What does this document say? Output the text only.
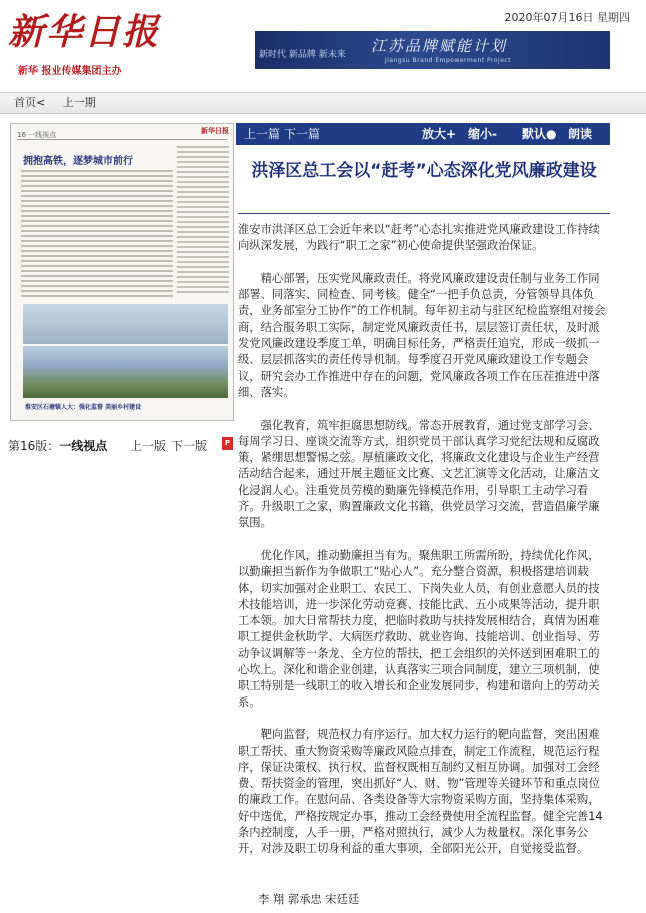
新华日报
新华 报业传媒集团主办
2020年07月16日 星期四
新时代 新品牌 新未来 江苏品牌赋能计划
Jiangsu Brand Empowerment Project
首页< 上一期
16 一线视点	新华日报
拥抱高铁，逐梦城市前行
淮安区石塘镇人大：强化监督 美丽乡村建设
第16版：一线视点 上一版 下一版	P
上一篇 下一篇	放大+ 缩小- 默认● 朗读
洪泽区总工会以“赶考”心态深化党风廉政建设

淮安市洪泽区总工会近年来以“赶考”心态扎实推进党风廉政建设工作持续向纵深发展，为践行“职工之家”初心使命提供坚强政治保证。

精心部署，压实党风廉政责任。将党风廉政建设责任制与业务工作同部署、同落实、同检查、同考核。健全“一把手负总责，分管领导具体负责，业务部室分工协作”的工作机制。每年初主动与驻区纪检监察组对接会商，结合服务职工实际，制定党风廉政责任书，层层签订责任状，及时派发党风廉政建设季度工单，明确目标任务，严格责任追究，形成一级抓一级、层层抓落实的责任传导机制。每季度召开党风廉政建设工作专题会议，研究会办工作推进中存在的问题，党风廉政各项工作在压茬推进中落细、落实。

强化教育，筑牢拒腐思想防线。常态开展教育，通过党支部学习会、每周学习日、座谈交流等方式，组织党员干部认真学习党纪法规和反腐政策，紧绷思想警惕之弦。厚植廉政文化，将廉政文化建设与企业生产经营活动结合起来，通过开展主题征文比赛、文艺汇演等文化活动，让廉洁文化浸润人心。注重党员劳模的勤廉先锋模范作用，引导职工主动学习看齐。升级职工之家，购置廉政文化书籍，供党员学习交流，营造倡廉学廉氛围。

优化作风，推动勤廉担当有为。聚焦职工所需所盼，持续优化作风，以勤廉担当新作为争做职工“贴心人”。充分整合资源，积极搭建培训载体，切实加强对企业职工、农民工、下岗失业人员，有创业意愿人员的技术技能培训，进一步深化劳动竞赛、技能比武、五小成果等活动，提升职工本领。加大日常帮扶力度，把临时救助与扶持发展相结合，真情为困难职工提供金秋助学、大病医疗救助、就业咨询、技能培训、创业指导、劳动争议调解等一条龙、全方位的帮扶，把工会组织的关怀送到困难职工的心坎上。深化和谐企业创建，认真落实三项合同制度，建立三项机制，使职工特别是一线职工的收入增长和企业发展同步，构建和谐向上的劳动关系。

靶向监督，规范权力有序运行。加大权力运行的靶向监督，突出困难职工帮扶、重大物资采购等廉政风险点排查，制定工作流程，规范运行程序，保证决策权、执行权、监督权既相互制约又相互协调。加强对工会经费、帮扶资金的管理，突出抓好“人、财、物”管理等关键环节和重点岗位的廉政工作。在慰问品、各类设备等大宗物资采购方面，坚持集体采购，好中选优，严格按规定办事，推动工会经费使用全流程监督。健全完善14条内控制度，人手一册，严格对照执行，减少人为裁量权。深化事务公开，对涉及职工切身利益的重大事项，全部阳光公开，自觉接受监督。

李 翔 郭承忠 宋廷廷
